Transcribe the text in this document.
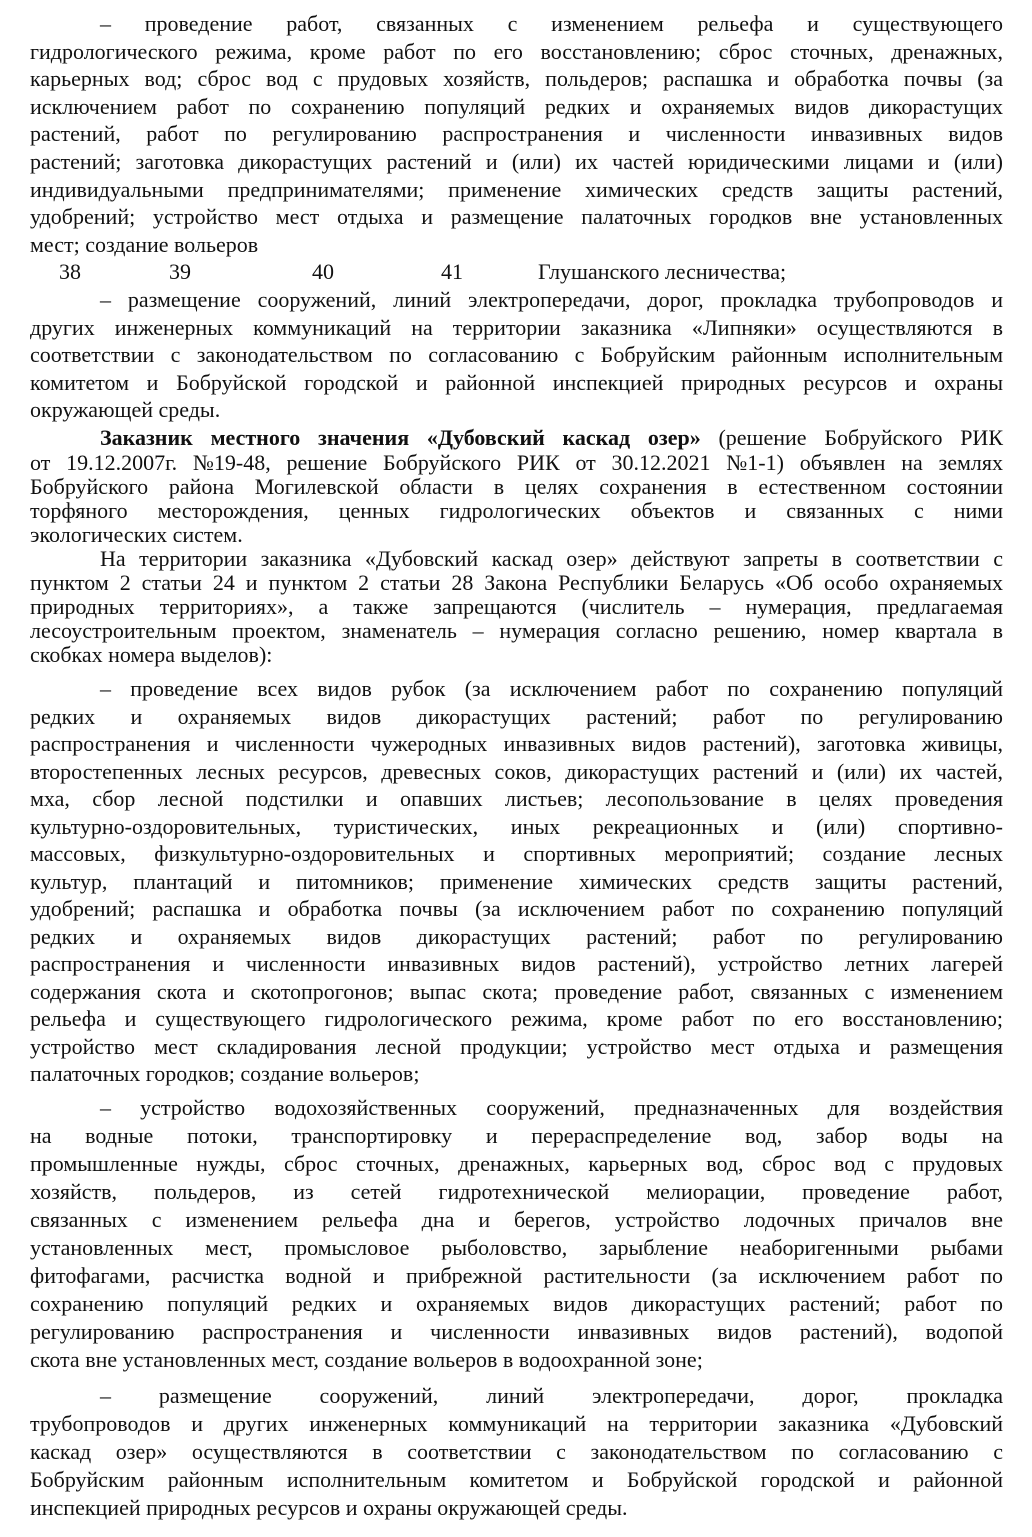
– проведение работ, связанных с изменением рельефа и существующего
гидрологического режима, кроме работ по его восстановлению; сброс сточных, дренажных,
карьерных вод; сброс вод с прудовых хозяйств, польдеров; распашка и обработка почвы (за
исключением работ по сохранению популяций редких и охраняемых видов дикорастущих
растений, работ по регулированию распространения и численности инвазивных видов
растений; заготовка дикорастущих растений и (или) их частей юридическими лицами и (или)
индивидуальными предпринимателями; применение химических средств защиты растений,
удобрений; устройство мест отдыха и размещение палаточных городков вне установленных
мест; создание вольеров
38	39	40	41	Глушанского лесничества;
– размещение сооружений, линий электропередачи, дорог, прокладка трубопроводов и
других инженерных коммуникаций на территории заказника «Липняки» осуществляются в
соответствии с законодательством по согласованию с Бобруйским районным исполнительным
комитетом и Бобруйской городской и районной инспекцией природных ресурсов и охраны
окружающей среды.
Заказник местного значения «Дубовский каскад озер» (решение Бобруйского РИК
от 19.12.2007г. №19-48, решение Бобруйского РИК от 30.12.2021 №1-1) объявлен на землях
Бобруйского района Могилевской области в целях сохранения в естественном состоянии
торфяного месторождения, ценных гидрологических объектов и связанных с ними
экологических систем.
На территории заказника «Дубовский каскад озер» действуют запреты в соответствии с
пунктом 2 статьи 24 и пунктом 2 статьи 28 Закона Республики Беларусь «Об особо охраняемых
природных территориях», а также запрещаются (числитель – нумерация, предлагаемая
лесоустроительным проектом, знаменатель – нумерация согласно решению, номер квартала в
скобках номера выделов):
– проведение всех видов рубок (за исключением работ по сохранению популяций
редких и охраняемых видов дикорастущих растений; работ по регулированию
распространения и численности чужеродных инвазивных видов растений), заготовка живицы,
второстепенных лесных ресурсов, древесных соков, дикорастущих растений и (или) их частей,
мха, сбор лесной подстилки и опавших листьев; лесопользование в целях проведения
культурно-оздоровительных, туристических, иных рекреационных и (или) спортивно-
массовых, физкультурно-оздоровительных и спортивных мероприятий; создание лесных
культур, плантаций и питомников; применение химических средств защиты растений,
удобрений; распашка и обработка почвы (за исключением работ по сохранению популяций
редких и охраняемых видов дикорастущих растений; работ по регулированию
распространения и численности инвазивных видов растений), устройство летних лагерей
содержания скота и скотопрогонов; выпас скота; проведение работ, связанных с изменением
рельефа и существующего гидрологического режима, кроме работ по его восстановлению;
устройство мест складирования лесной продукции; устройство мест отдыха и размещения
палаточных городков; создание вольеров;
– устройство водохозяйственных сооружений, предназначенных для воздействия
на водные потоки, транспортировку и перераспределение вод, забор воды на
промышленные нужды, сброс сточных, дренажных, карьерных вод, сброс вод с прудовых
хозяйств, польдеров, из сетей гидротехнической мелиорации, проведение работ,
связанных с изменением рельефа дна и берегов, устройство лодочных причалов вне
установленных мест, промысловое рыболовство, зарыбление неаборигенными рыбами
фитофагами, расчистка водной и прибрежной растительности (за исключением работ по
сохранению популяций редких и охраняемых видов дикорастущих растений; работ по
регулированию распространения и численности инвазивных видов растений), водопой
скота вне установленных мест, создание вольеров в водоохранной зоне;
– размещение сооружений, линий электропередачи, дорог, прокладка
трубопроводов и других инженерных коммуникаций на территории заказника «Дубовский
каскад озер» осуществляются в соответствии с законодательством по согласованию с
Бобруйским районным исполнительным комитетом и Бобруйской городской и районной
инспекцией природных ресурсов и охраны окружающей среды.
